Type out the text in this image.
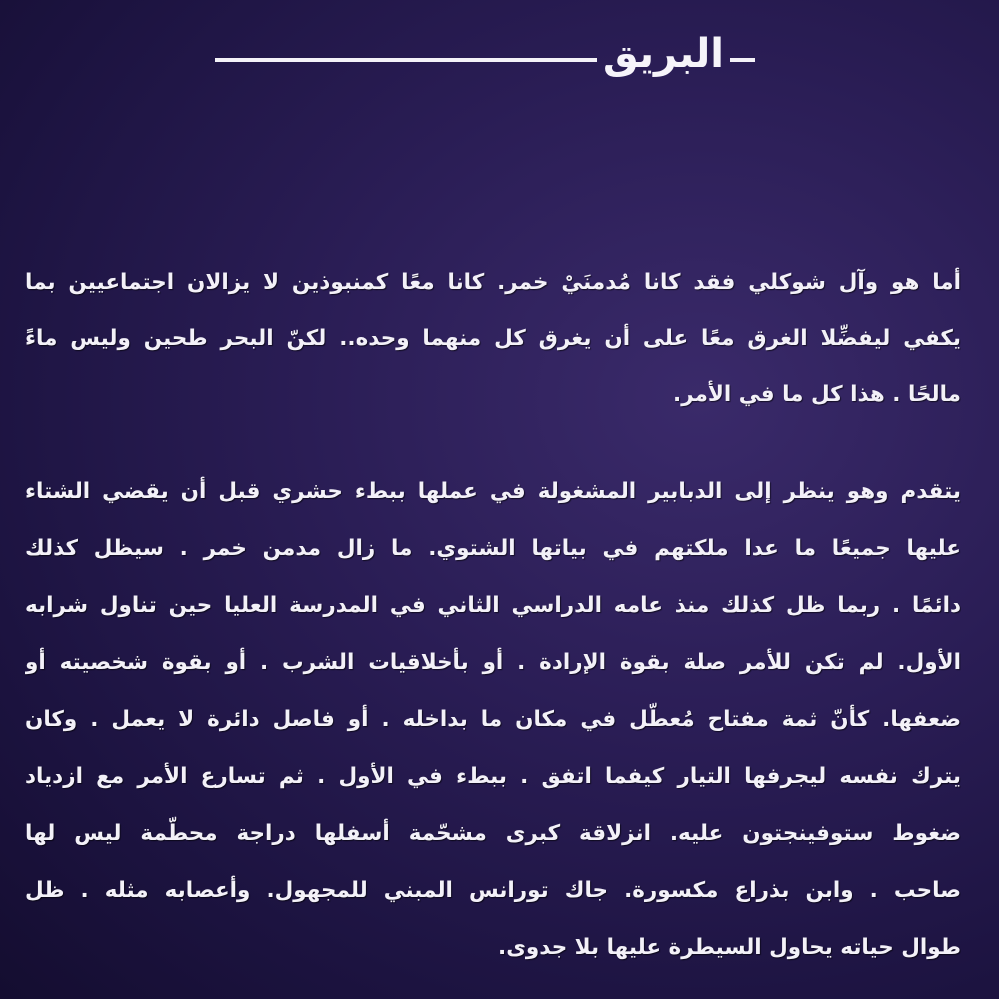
البريق
أما هو وآل شوكلي فقد كانا مُدمنَيْ خمر. كانا معًا كمنبوذين لا يزالان اجتماعيين بما
يكفي ليفضِّلا الغرق معًا على أن يغرق كل منهما وحده.. لكنّ البحر طحين وليس ماءً
مالحًا . هذا كل ما في الأمر.
يتقدم وهو ينظر إلى الدبابير المشغولة في عملها ببطء حشري قبل أن يقضي الشتاء
عليها جميعًا ما عدا ملكتهم في بياتها الشتوي. ما زال مدمن خمر . سيظل كذلك
دائمًا . ربما ظل كذلك منذ عامه الدراسي الثاني في المدرسة العليا حين تناول شرابه
الأول. لم تكن للأمر صلة بقوة الإرادة . أو بأخلاقيات الشرب . أو بقوة شخصيته أو
ضعفها. كأنّ ثمة مفتاح مُعطّل في مكان ما بداخله . أو فاصل دائرة لا يعمل . وكان
يترك نفسه ليجرفها التيار كيفما اتفق . ببطء في الأول . ثم تسارع الأمر مع ازدياد
ضغوط ستوفينجتون عليه. انزلاقة كبرى مشحّمة أسفلها دراجة محطّمة ليس لها
صاحب . وابن بذراع مكسورة. جاك تورانس المبني للمجهول. وأعصابه مثله . ظل
طوال حياته يحاول السيطرة عليها بلا جدوى.
